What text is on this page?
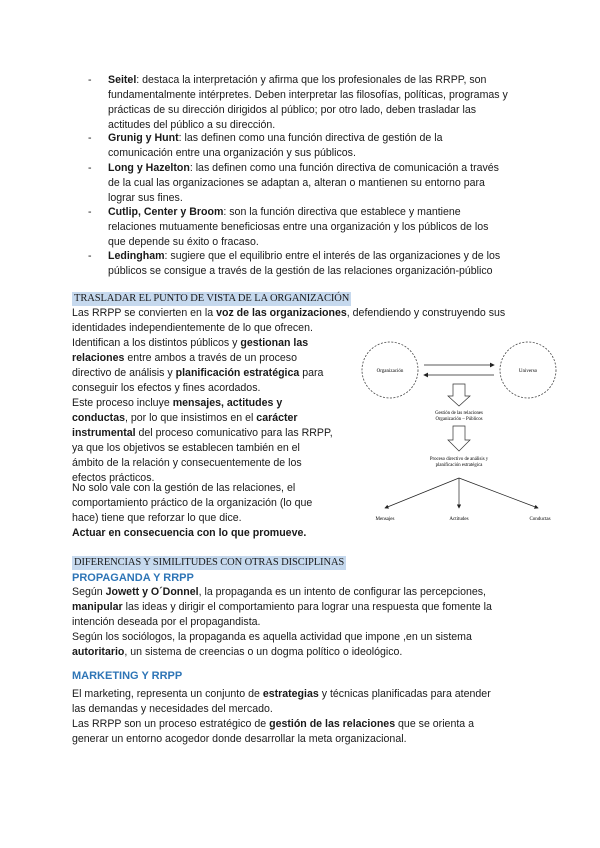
- Seitel: destaca la interpretación y afirma que los profesionales de las RRPP, son
fundamentalmente intérpretes. Deben interpretar las filosofías, políticas, programas y
prácticas de su dirección dirigidos al público; por otro lado, deben trasladar las
actitudes del público a su dirección.
- Grunig y Hunt: las definen como una función directiva de gestión de la
comunicación entre una organización y sus públicos.
- Long y Hazelton: las definen como una función directiva de comunicación a través
de la cual las organizaciones se adaptan a, alteran o mantienen su entorno para
lograr sus fines.
- Cutlip, Center y Broom: son la función directiva que establece y mantiene
relaciones mutuamente beneficiosas entre una organización y los públicos de los
que depende su éxito o fracaso.
- Ledingham: sugiere que el equilibrio entre el interés de las organizaciones y de los
públicos se consigue a través de la gestión de las relaciones organización-público
TRASLADAR EL PUNTO DE VISTA DE LA ORGANIZACIÓN
Las RRPP se convierten en la voz de las organizaciones, defendiendo y construyendo sus
identidades independientemente de lo que ofrecen.
Identifican a los distintos públicos y gestionan las
relaciones entre ambos a través de un proceso
directivo de análisis y planificación estratégica para
conseguir los efectos y fines acordados.
Este proceso incluye mensajes, actitudes y
conductas, por lo que insistimos en el carácter
instrumental del proceso comunicativo para las RRPP,
ya que los objetivos se establecen también en el
ámbito de la relación y consecuentemente de los
efectos prácticos.
No solo vale con la gestión de las relaciones, el
comportamiento práctico de la organización (lo que
hace) tiene que reforzar lo que dice.
Actuar en consecuencia con lo que promueve.
Organización	Universo
Gestión de las relaciones
Organización – Públicos
Proceso directivo de análisis y
planificación estratégica
Mensajes	Actitudes	Conductas
DIFERENCIAS Y SIMILITUDES CON OTRAS DISCIPLINAS
PROPAGANDA Y RRPP
Según Jowett y O´Donnel, la propaganda es un intento de configurar las percepciones,
manipular las ideas y dirigir el comportamiento para lograr una respuesta que fomente la
intención deseada por el propagandista.
Según los sociólogos, la propaganda es aquella actividad que impone ,en un sistema
autoritario, un sistema de creencias o un dogma político o ideológico.
MARKETING Y RRPP
El marketing, representa un conjunto de estrategias y técnicas planificadas para atender
las demandas y necesidades del mercado.
Las RRPP son un proceso estratégico de gestión de las relaciones que se orienta a
generar un entorno acogedor donde desarrollar la meta organizacional.
